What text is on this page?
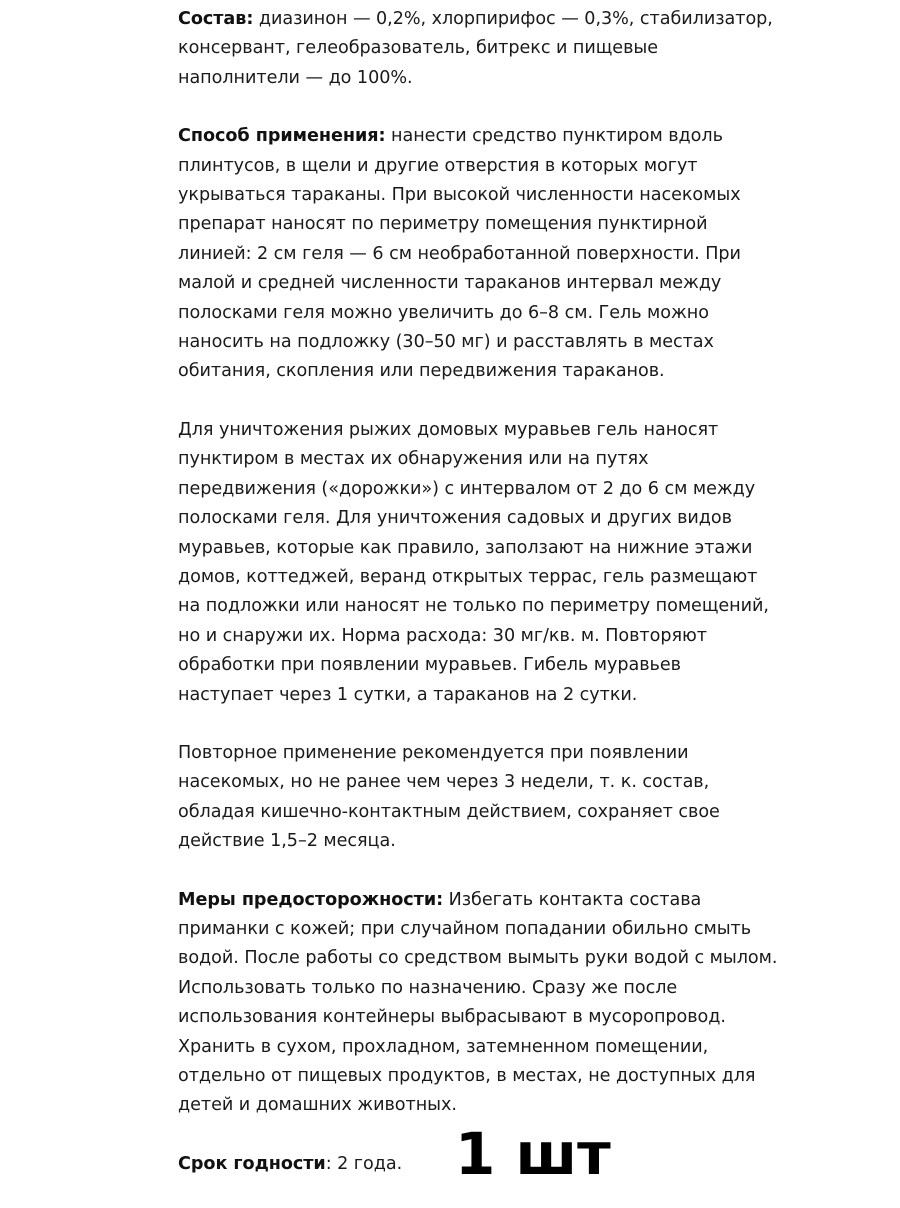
Состав: диазинон — 0,2%, хлорпирифос — 0,3%, стабилизатор, консервант, гелеобразователь, битрекс и пищевые наполнители — до 100%.

Способ применения: нанести средство пунктиром вдоль плинтусов, в щели и другие отверстия в которых могут укрываться тараканы. При высокой численности насекомых препарат наносят по периметру помещения пунктирной линией: 2 см геля — 6 см необработанной поверхности. При малой и средней численности тараканов интервал между полосками геля можно увеличить до 6–8 см. Гель можно наносить на подложку (30–50 мг) и расставлять в местах обитания, скопления или передвижения тараканов.

Для уничтожения рыжих домовых муравьев гель наносят пунктиром в местах их обнаружения или на путях передвижения («дорожки») с интервалом от 2 до 6 см между полосками геля. Для уничтожения садовых и других видов муравьев, которые как правило, заползают на нижние этажи домов, коттеджей, веранд открытых террас, гель размещают на подложки или наносят не только по периметру помещений, но и снаружи их. Норма расхода: 30 мг/кв. м. Повторяют обработки при появлении муравьев. Гибель муравьев наступает через 1 сутки, а тараканов на 2 сутки.

Повторное применение рекомендуется при появлении насекомых, но не ранее чем через 3 недели, т. к. состав, обладая кишечно-контактным действием, сохраняет свое действие 1,5–2 месяца.

Меры предосторожности: Избегать контакта состава приманки с кожей; при случайном попадании обильно смыть водой. После работы со средством вымыть руки водой с мылом. Использовать только по назначению. Сразу же после использования контейнеры выбрасывают в мусоропровод. Хранить в сухом, прохладном, затемненном помещении, отдельно от пищевых продуктов, в местах, не доступных для детей и домашних животных.

Срок годности: 2 года. 1 шт
